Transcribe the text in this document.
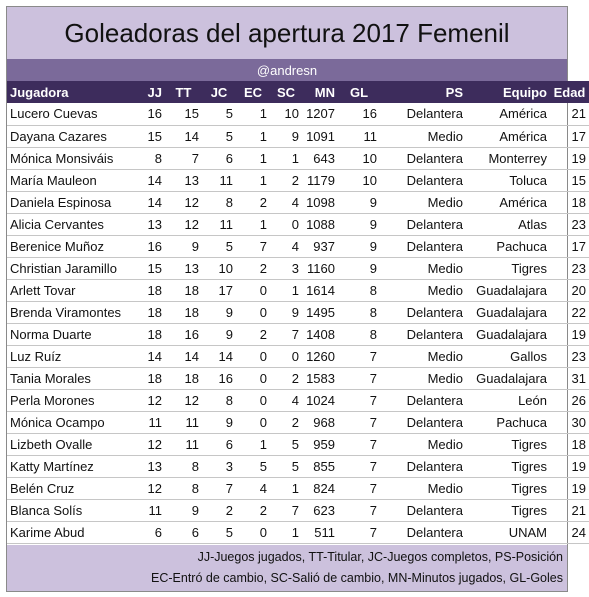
Goleadoras del apertura 2017 Femenil
@andresn
Jugadora	JJ	TT	JC	EC	SC	MN	GL	PS	Equipo	Edad
Lucero Cuevas	16	15	5	1	10	1207	16	Delantera	América	21
Dayana Cazares	15	14	5	1	9	1091	11	Medio	América	17
Mónica Monsiváis	8	7	6	1	1	643	10	Delantera	Monterrey	19
María Mauleon	14	13	11	1	2	1179	10	Delantera	Toluca	15
Daniela Espinosa	14	12	8	2	4	1098	9	Medio	América	18
Alicia Cervantes	13	12	11	1	0	1088	9	Delantera	Atlas	23
Berenice Muñoz	16	9	5	7	4	937	9	Delantera	Pachuca	17
Christian Jaramillo	15	13	10	2	3	1160	9	Medio	Tigres	23
Arlett Tovar	18	18	17	0	1	1614	8	Medio	Guadalajara	20
Brenda Viramontes	18	18	9	0	9	1495	8	Delantera	Guadalajara	22
Norma Duarte	18	16	9	2	7	1408	8	Delantera	Guadalajara	19
Luz Ruíz	14	14	14	0	0	1260	7	Medio	Gallos	23
Tania Morales	18	18	16	0	2	1583	7	Medio	Guadalajara	31
Perla Morones	12	12	8	0	4	1024	7	Delantera	León	26
Mónica Ocampo	11	11	9	0	2	968	7	Delantera	Pachuca	30
Lizbeth Ovalle	12	11	6	1	5	959	7	Medio	Tigres	18
Katty Martínez	13	8	3	5	5	855	7	Delantera	Tigres	19
Belén Cruz	12	8	7	4	1	824	7	Medio	Tigres	19
Blanca Solís	11	9	2	2	7	623	7	Delantera	Tigres	21
Karime Abud	6	6	5	0	1	511	7	Delantera	UNAM	24
JJ-Juegos jugados, TT-Titular, JC-Juegos completos, PS-Posición
EC-Entró de cambio, SC-Salió de cambio, MN-Minutos jugados, GL-Goles
